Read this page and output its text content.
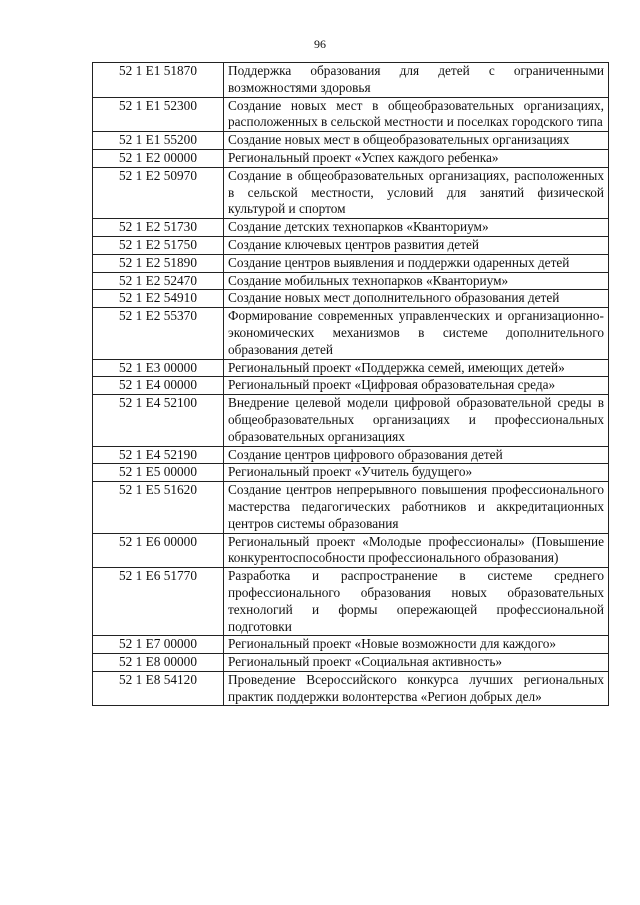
96
52 1 E1 51870	Поддержка образования для детей с ограниченными возможностями здоровья
52 1 E1 52300	Создание новых мест в общеобразовательных организациях, расположенных в сельской местности и поселках городского типа
52 1 E1 55200	Создание новых мест в общеобразовательных организациях
52 1 E2 00000	Региональный проект «Успех каждого ребенка»
52 1 E2 50970	Создание в общеобразовательных организациях, расположенных в сельской местности, условий для занятий физической культурой и спортом
52 1 E2 51730	Создание детских технопарков «Кванториум»
52 1 E2 51750	Создание ключевых центров развития детей
52 1 E2 51890	Создание центров выявления и поддержки одаренных детей
52 1 E2 52470	Создание мобильных технопарков «Кванториум»
52 1 E2 54910	Создание новых мест дополнительного образования детей
52 1 E2 55370	Формирование современных управленческих и организационно-экономических механизмов в системе дополнительного образования детей
52 1 E3 00000	Региональный проект «Поддержка семей, имеющих детей»
52 1 E4 00000	Региональный проект «Цифровая образовательная среда»
52 1 E4 52100	Внедрение целевой модели цифровой образовательной среды в общеобразовательных организациях и профессиональных образовательных организациях
52 1 E4 52190	Создание центров цифрового образования детей
52 1 E5 00000	Региональный проект «Учитель будущего»
52 1 E5 51620	Создание центров непрерывного повышения профессионального мастерства педагогических работников и аккредитационных центров системы образования
52 1 E6 00000	Региональный проект «Молодые профессионалы» (Повышение конкурентоспособности профессионального образования)
52 1 E6 51770	Разработка и распространение в системе среднего профессионального образования новых образовательных технологий и формы опережающей профессиональной подготовки
52 1 E7 00000	Региональный проект «Новые возможности для каждого»
52 1 E8 00000	Региональный проект «Социальная активность»
52 1 E8 54120	Проведение Всероссийского конкурса лучших региональных практик поддержки волонтерства «Регион добрых дел»
